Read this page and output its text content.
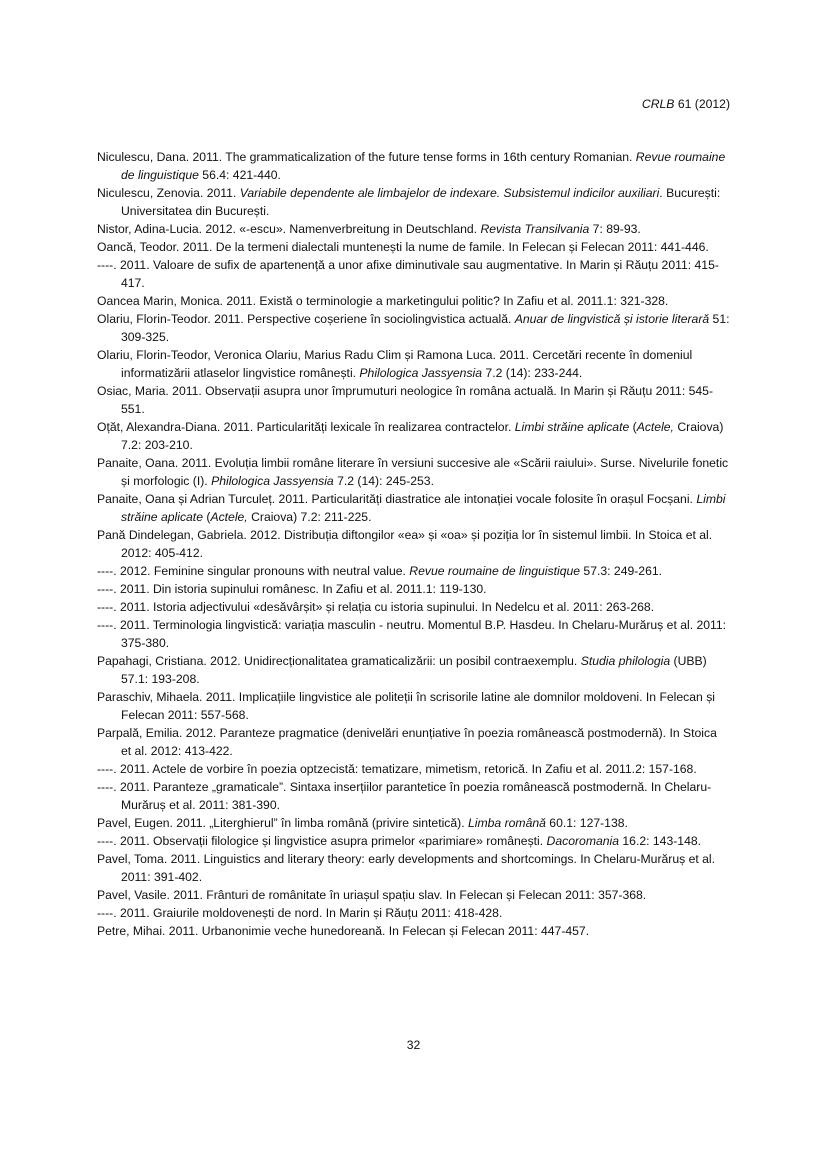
CRLB 61 (2012)

Niculescu, Dana. 2011. The grammaticalization of the future tense forms in 16th century Romanian. Revue roumaine de linguistique 56.4: 421-440.

Niculescu, Zenovia. 2011. Variabile dependente ale limbajelor de indexare. Subsistemul indicilor auxiliari. București: Universitatea din București.

Nistor, Adina-Lucia. 2012. «-escu». Namenverbreitung in Deutschland. Revista Transilvania 7: 89-93.

Oancă, Teodor. 2011. De la termeni dialectali muntenești la nume de familе. In Felecan și Felecan 2011: 441-446.

----. 2011. Valoare de sufix de apartenență a unor afixe diminutivale sau augmentative. In Marin și Răuțu 2011: 415-417.

Oancea Marin, Monica. 2011. Există o terminologie a marketingului politic? In Zafiu et al. 2011.1: 321-328.

Olariu, Florin-Teodor. 2011. Perspective coșeriene în sociolingvistica actuală. Anuar de lingvistică și istorie literară 51: 309-325.

Olariu, Florin-Teodor, Veronica Olariu, Marius Radu Clim și Ramona Luca. 2011. Cercetări recente în domeniul informatizării atlaselor lingvistice românești. Philologica Jassyensia 7.2 (14): 233-244.

Osiac, Maria. 2011. Observații asupra unor împrumuturi neologice în româna actuală. In Marin și Răuțu 2011: 545-551.

Oțăt, Alexandra-Diana. 2011. Particularități lexicale în realizarea contractelor. Limbi străine aplicate (Actele, Craiova) 7.2: 203-210.

Panaite, Oana. 2011. Evoluția limbii române literare în versiuni succesive ale «Scării raiului». Surse. Nivelurile fonetic și morfologic (I). Philologica Jassyensia 7.2 (14): 245-253.

Panaite, Oana și Adrian Turculeț. 2011. Particularități diastratice ale intonației vocale folosite în orașul Focșani. Limbi străine aplicate (Actele, Craiova) 7.2: 211-225.

Pană Dindelegan, Gabriela. 2012. Distribuția diftongilor «ea» și «oa» și poziția lor în sistemul limbii. In Stoica et al. 2012: 405-412.

----. 2012. Feminine singular pronouns with neutral value. Revue roumaine de linguistique 57.3: 249-261.

----. 2011. Din istoria supinului românesc. In Zafiu et al. 2011.1: 119-130.

----. 2011. Istoria adjectivului «desăvârșit» și relația cu istoria supinului. In Nedelcu et al. 2011: 263-268.

----. 2011. Terminologia lingvistică: variația masculin - neutru. Momentul B.P. Hasdeu. In Chelaru-Murăruș et al. 2011: 375-380.

Papahagi, Cristiana. 2012. Unidirecționalitatea gramaticalizării: un posibil contraexemplu. Studia philologia (UBB) 57.1: 193-208.

Paraschiv, Mihaela. 2011. Implicațiile lingvistice ale politeții în scrisorile latine ale domnilor moldoveni. In Felecan și Felecan 2011: 557-568.

Parpală, Emilia. 2012. Paranteze pragmatice (denivelări enunțiative în poezia românească postmodernă). In Stoica et al. 2012: 413-422.

----. 2011. Actele de vorbire în poezia optzecistă: tematizare, mimetism, retorică. In Zafiu et al. 2011.2: 157-168.

----. 2011. Paranteze „gramaticale”. Sintaxa inserțiilor parantetice în poezia românească postmodernă. In Chelaru-Murăruș et al. 2011: 381-390.

Pavel, Eugen. 2011. „Literghierul” în limba română (privire sintetică). Limba română 60.1: 127-138.

----. 2011. Observații filologice și lingvistice asupra primelor «parimiare» românești. Dacoromania 16.2: 143-148.

Pavel, Toma. 2011. Linguistics and literary theory: early developments and shortcomings. In Chelaru-Murăruș et al. 2011: 391-402.

Pavel, Vasile. 2011. Frânturi de românitate în uriașul spațiu slav. In Felecan și Felecan 2011: 357-368.

----. 2011. Graiurile moldovenești de nord. In Marin și Răuțu 2011: 418-428.

Petre, Mihai. 2011. Urbanonimie veche hunedoreană. In Felecan și Felecan 2011: 447-457.

32
